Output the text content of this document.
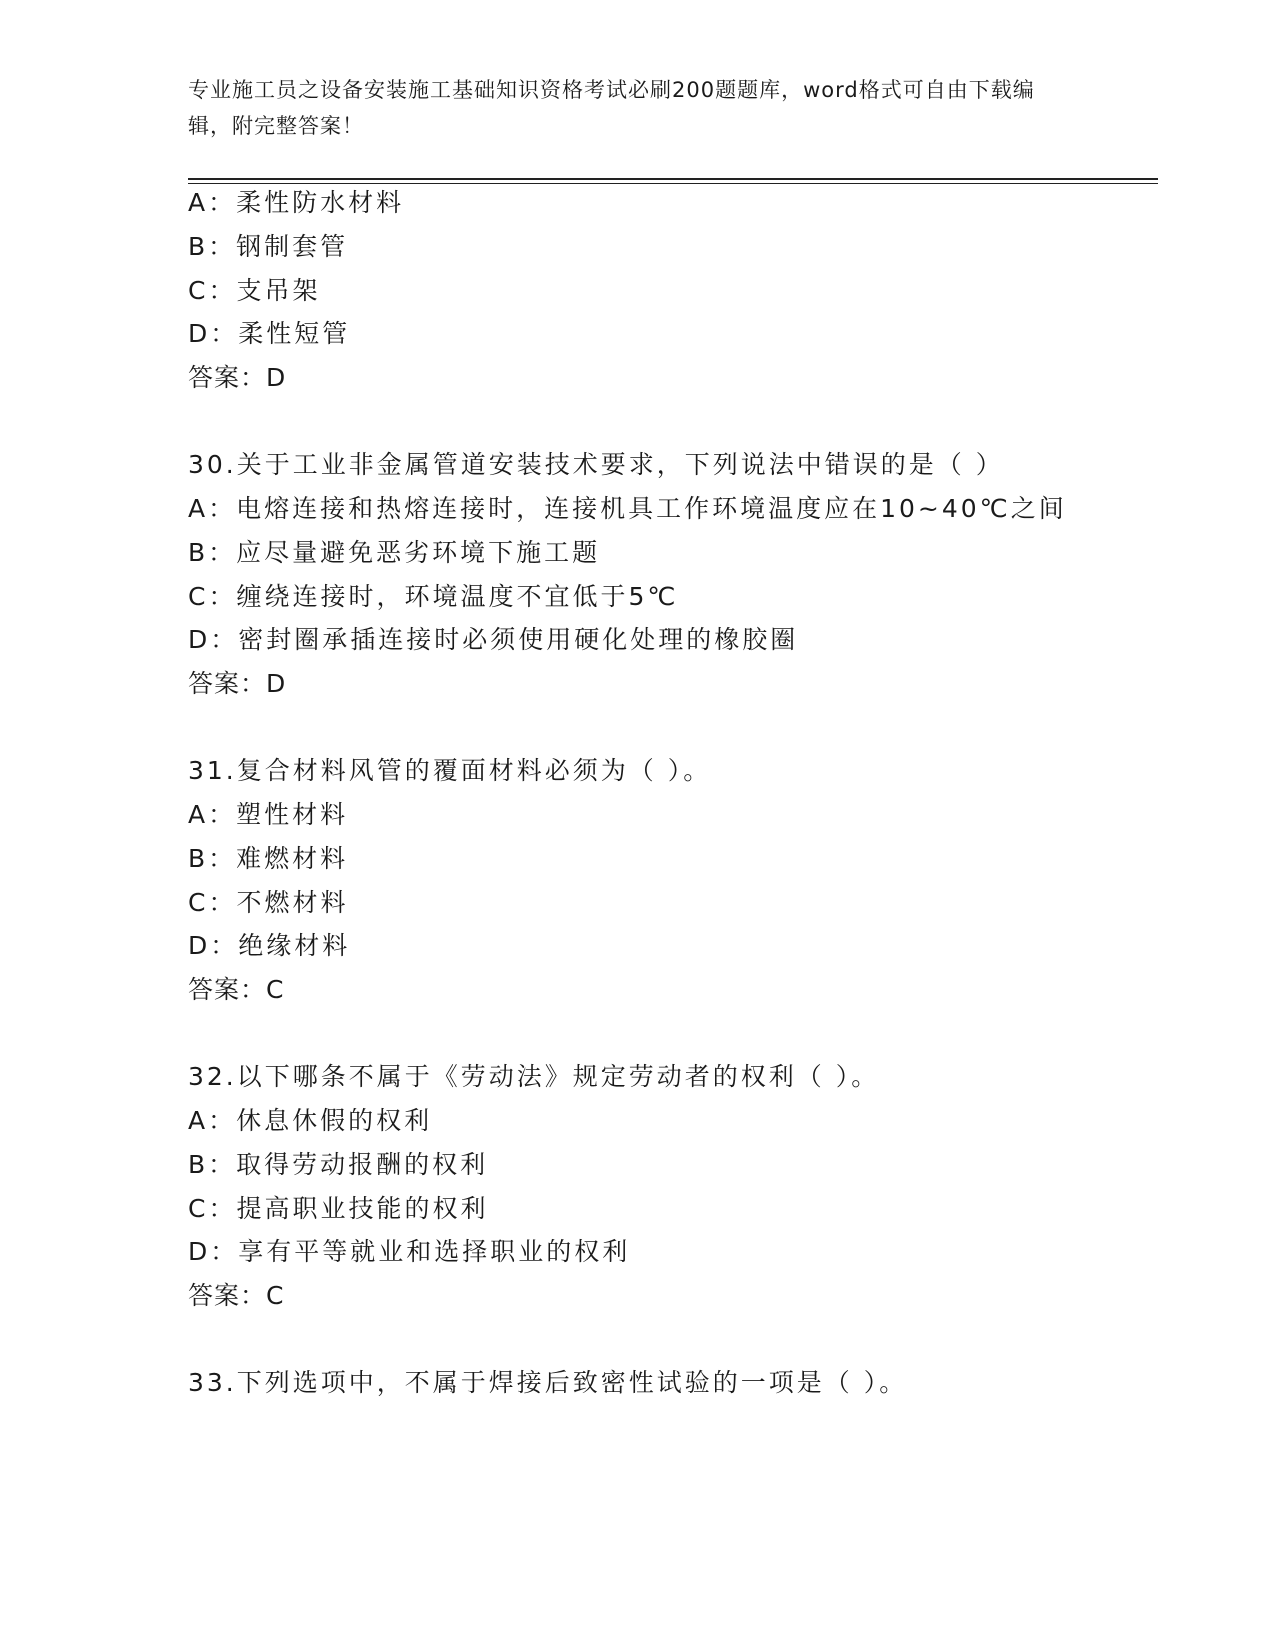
专业施工员之设备安装施工基础知识资格考试必刷200题题库，word格式可自由下载编辑，附完整答案！
A：柔性防水材料
B：钢制套管
C：支吊架
D：柔性短管
答案：D
30.关于工业非金属管道安装技术要求，下列说法中错误的是（ ）
A：电熔连接和热熔连接时，连接机具工作环境温度应在10~40℃之间
B：应尽量避免恶劣环境下施工题
C：缠绕连接时，环境温度不宜低于5℃
D：密封圈承插连接时必须使用硬化处理的橡胶圈
答案：D
31.复合材料风管的覆面材料必须为（ ）。
A：塑性材料
B：难燃材料
C：不燃材料
D：绝缘材料
答案：C
32.以下哪条不属于《劳动法》规定劳动者的权利（ ）。
A：休息休假的权利
B：取得劳动报酬的权利
C：提高职业技能的权利
D：享有平等就业和选择职业的权利
答案：C
33.下列选项中，不属于焊接后致密性试验的一项是（ ）。
